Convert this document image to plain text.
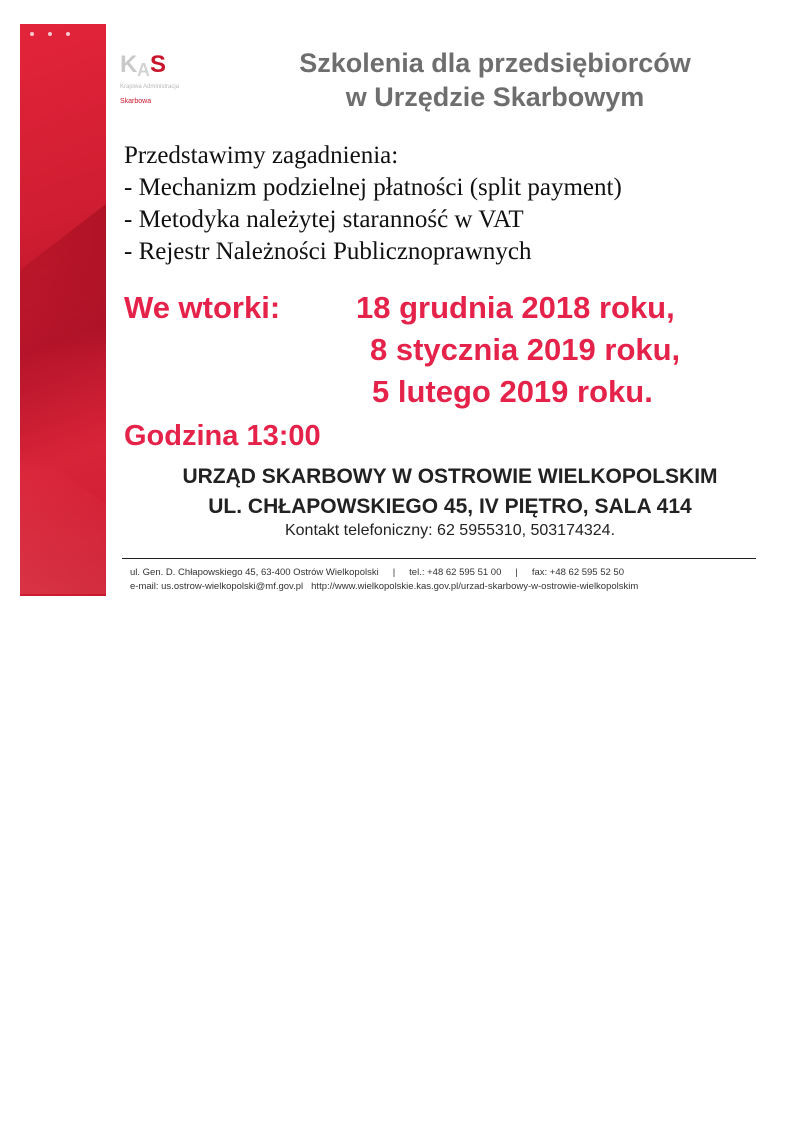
K A S
Krajowa Administracja
Skarbowa
Szkolenia dla przedsiębiorców
w Urzędzie Skarbowym
Przedstawimy zagadnienia:
- Mechanizm podzielnej płatności (split payment)
- Metodyka należytej staranność w VAT
- Rejestr Należności Publicznoprawnych
We wtorki: 18 grudnia 2018 roku,
8 stycznia 2019 roku,
5 lutego 2019 roku.
Godzina 13:00
URZĄD SKARBOWY W OSTROWIE WIELKOPOLSKIM
UL. CHŁAPOWSKIEGO 45, IV PIĘTRO, SALA 414
Kontakt telefoniczny: 62 5955310, 503174324.
ul. Gen. D. Chłapowskiego 45, 63-400 Ostrów Wielkopolski | tel.: +48 62 595 51 00 | fax: +48 62 595 52 50
e-mail: us.ostrow-wielkopolski@mf.gov.pl http://www.wielkopolskie.kas.gov.pl/urzad-skarbowy-w-ostrowie-wielkopolskim
